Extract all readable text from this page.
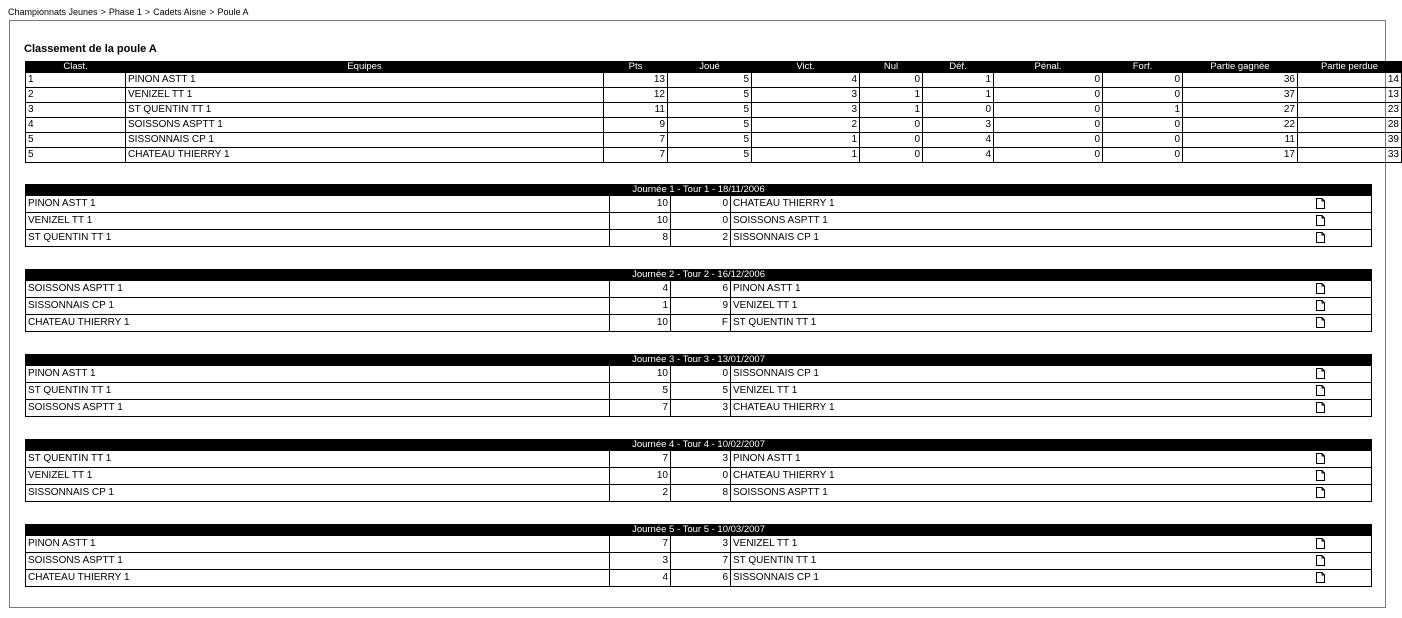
Championnats Jeunes > Phase 1 > Cadets Aisne > Poule A
Classement de la poule A
Clast.	Equipes	Pts	Joué	Vict.	Nul	Déf.	Pénal.	Forf.	Partie gagnée	Partie perdue
1	PINON ASTT 1	13	5	4	0	1	0	0	36	14
2	VENIZEL TT 1	12	5	3	1	1	0	0	37	13
3	ST QUENTIN TT 1	11	5	3	1	0	0	1	27	23
4	SOISSONS ASPTT 1	9	5	2	0	3	0	0	22	28
5	SISSONNAIS CP 1	7	5	1	0	4	0	0	11	39
5	CHATEAU THIERRY 1	7	5	1	0	4	0	0	17	33
Journée 1 - Tour 1 - 18/11/2006			
PINON ASTT 1	10	0	CHATEAU THIERRY 1

VENIZEL TT 1	10	0	SOISSONS ASPTT 1

ST QUENTIN TT 1	8	2	SISSONNAIS CP 1
Journée 2 - Tour 2 - 16/12/2006			
SOISSONS ASPTT 1	4	6	PINON ASTT 1

SISSONNAIS CP 1	1	9	VENIZEL TT 1

CHATEAU THIERRY 1	10	F	ST QUENTIN TT 1
Journée 3 - Tour 3 - 13/01/2007			
PINON ASTT 1	10	0	SISSONNAIS CP 1

ST QUENTIN TT 1	5	5	VENIZEL TT 1

SOISSONS ASPTT 1	7	3	CHATEAU THIERRY 1
Journée 4 - Tour 4 - 10/02/2007			
ST QUENTIN TT 1	7	3	PINON ASTT 1

VENIZEL TT 1	10	0	CHATEAU THIERRY 1

SISSONNAIS CP 1	2	8	SOISSONS ASPTT 1
Journée 5 - Tour 5 - 10/03/2007			
PINON ASTT 1	7	3	VENIZEL TT 1

SOISSONS ASPTT 1	3	7	ST QUENTIN TT 1

CHATEAU THIERRY 1	4	6	SISSONNAIS CP 1
